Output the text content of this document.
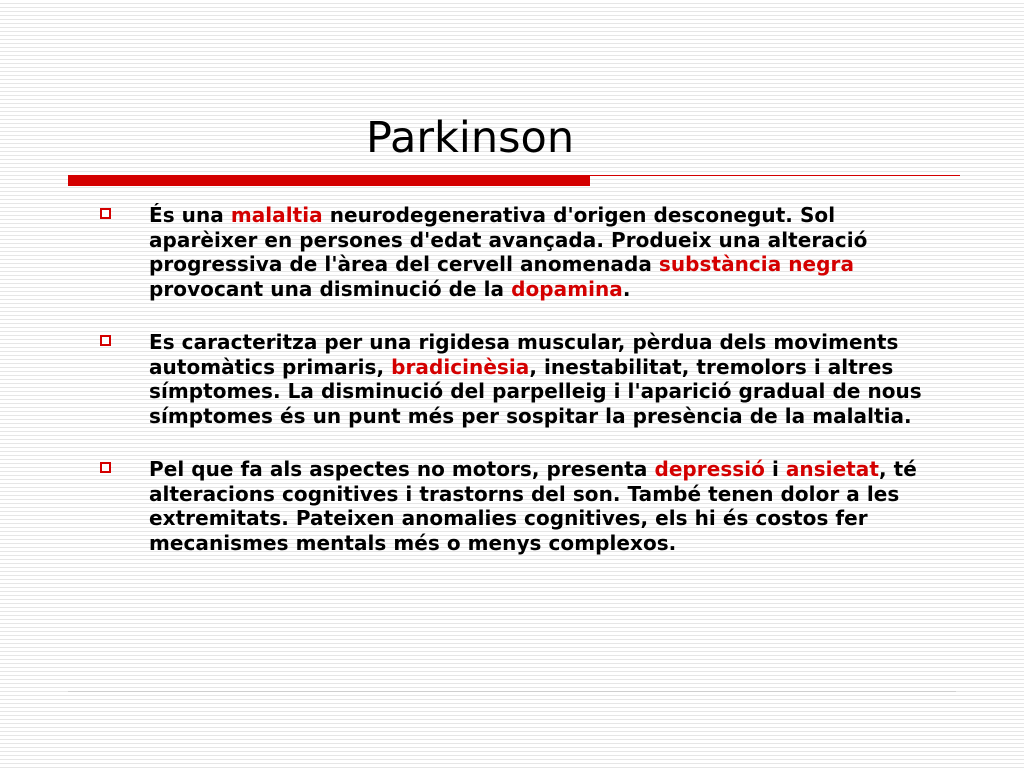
Parkinson
És una malaltia neurodegenerativa d'origen desconegut. Sol aparèixer en persones d'edat avançada. Produeix una alteració progressiva de l'àrea del cervell anomenada substància negra provocant una disminució de la dopamina.
Es caracteritza per una rigidesa muscular, pèrdua dels moviments automàtics primaris, bradicinèsia, inestabilitat, tremolors i altres símptomes. La disminució del parpelleig i l'aparició gradual de nous símptomes és un punt més per sospitar la presència de la malaltia.
Pel que fa als aspectes no motors, presenta depressió i ansietat, té alteracions cognitives i trastorns del son. També tenen dolor a les extremitats. Pateixen anomalies cognitives, els hi és costos fer mecanismes mentals més o menys complexos.
